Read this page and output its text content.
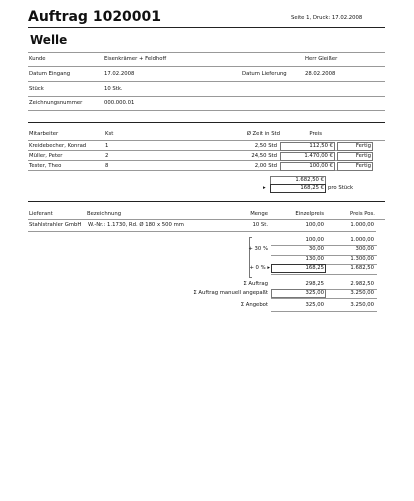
Auftrag 1020001	Seite 1, Druck: 17.02.2008
Welle
Kunde	Eisenkrämer + Feldhoff	Herr Gleißer
Datum Eingang	17.02.2008	Datum Lieferung	28.02.2008
Stück	10 Stk.
Zeichnungsnummer	000.000.01
Mitarbeiter	Kst	Ø Zeit in Std	Preis
Kreidebecher, Konrad	1	2,50 Std	112,50 €	Fertig
Müller, Peter	2	24,50 Std	1.470,00 €	Fertig
Tester, Theo	8	2,00 Std	100,00 €	Fertig
1.682,50 €
▸	168,25 € pro Stück
Lieferant	Bezeichnung	Menge	Einzelpreis	Preis Pos.
Stahlstrahler GmbH W.-Nr.: 1.1730, Rd. Ø 180 x 500 mm	10 St.	100,00	1.000,00
100,00	1.000,00
+ 30 %	30,00	300,00
130,00	1.300,00
+ 0 % ▸	168,25	1.682,50
Σ Auftrag	298,25	2.982,50
Σ Auftrag manuell angepaßt	325,00	3.250,00
Σ Angebot	325,00	3.250,00
